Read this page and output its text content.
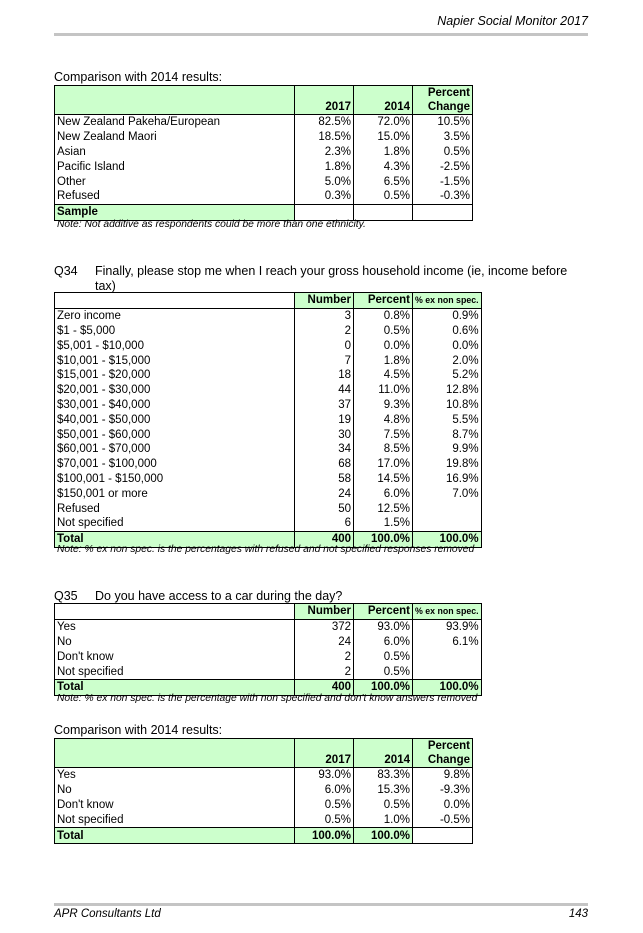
Napier Social Monitor 2017
Comparison with 2014 results:
			Percent
	2017	2014	Change
New Zealand Pakeha/European	82.5%	72.0%	10.5%
New Zealand Maori	18.5%	15.0%	3.5%
Asian	2.3%	1.8%	0.5%
Pacific Island	1.8%	4.3%	-2.5%
Other	5.0%	6.5%	-1.5%
Refused	0.3%	0.5%	-0.3%
Sample			
Note: Not additive as respondents could be more than one ethnicity.
Q34 Finally, please stop me when I reach your gross household income (ie, income before tax)
	Number	Percent	% ex non spec.
Zero income	3	0.8%	0.9%
$1 - $5,000	2	0.5%	0.6%
$5,001 - $10,000	0	0.0%	0.0%
$10,001 - $15,000	7	1.8%	2.0%
$15,001 - $20,000	18	4.5%	5.2%
$20,001 - $30,000	44	11.0%	12.8%
$30,001 - $40,000	37	9.3%	10.8%
$40,001 - $50,000	19	4.8%	5.5%
$50,001 - $60,000	30	7.5%	8.7%
$60,001 - $70,000	34	8.5%	9.9%
$70,001 - $100,000	68	17.0%	19.8%
$100,001 - $150,000	58	14.5%	16.9%
$150,001 or more	24	6.0%	7.0%
Refused	50	12.5%	
Not specified	6	1.5%	
Total	400	100.0%	100.0%
Note: % ex non spec. is the percentages with refused and not specified responses removed
Q35 Do you have access to a car during the day?
	Number	Percent	% ex non spec.
Yes	372	93.0%	93.9%
No	24	6.0%	6.1%
Don't know	2	0.5%	
Not specified	2	0.5%	
Total	400	100.0%	100.0%
Note: % ex non spec. is the percentage with non specified and don't know answers removed
Comparison with 2014 results:
			Percent
	2017	2014	Change
Yes	93.0%	83.3%	9.8%
No	6.0%	15.3%	-9.3%
Don't know	0.5%	0.5%	0.0%
Not specified	0.5%	1.0%	-0.5%
Total	100.0%	100.0%	
APR Consultants Ltd	143
